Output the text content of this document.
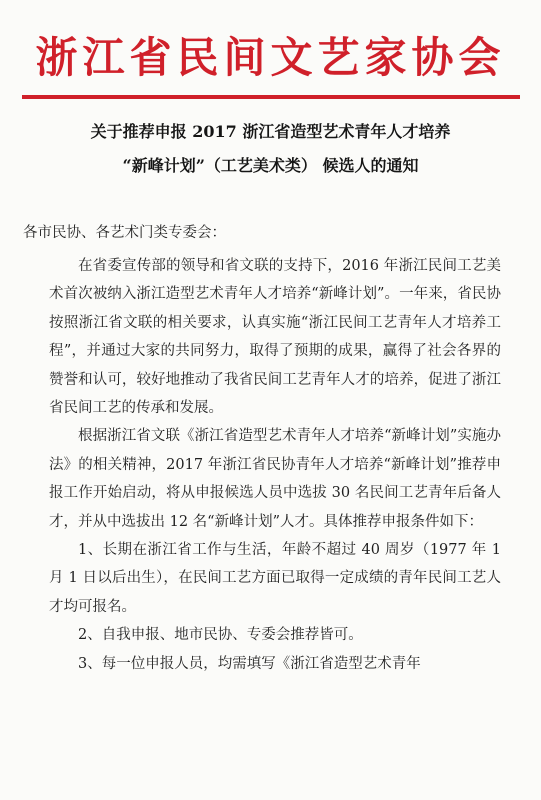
浙江省民间文艺家协会
关于推荐申报 2017 浙江省造型艺术青年人才培养
“新峰计划”（工艺美术类） 候选人的通知
各市民协、各艺术门类专委会：

在省委宣传部的领导和省文联的支持下，2016 年浙江民间工艺美术首次被纳入浙江造型艺术青年人才培养“新峰计划”。一年来，省民协按照浙江省文联的相关要求，认真实施“浙江民间工艺青年人才培养工程”，并通过大家的共同努力，取得了预期的成果，赢得了社会各界的赞誉和认可，较好地推动了我省民间工艺青年人才的培养，促进了浙江省民间工艺的传承和发展。

根据浙江省文联《浙江省造型艺术青年人才培养“新峰计划”实施办法》的相关精神，2017 年浙江省民协青年人才培养“新峰计划”推荐申报工作开始启动，将从申报候选人员中选拔 30 名民间工艺青年后备人才，并从中选拔出 12 名“新峰计划”人才。具体推荐申报条件如下：

1、长期在浙江省工作与生活，年龄不超过 40 周岁（1977 年 1 月 1 日以后出生），在民间工艺方面已取得一定成绩的青年民间工艺人才均可报名。

2、自我申报、地市民协、专委会推荐皆可。

3、每一位申报人员，均需填写《浙江省造型艺术青年
